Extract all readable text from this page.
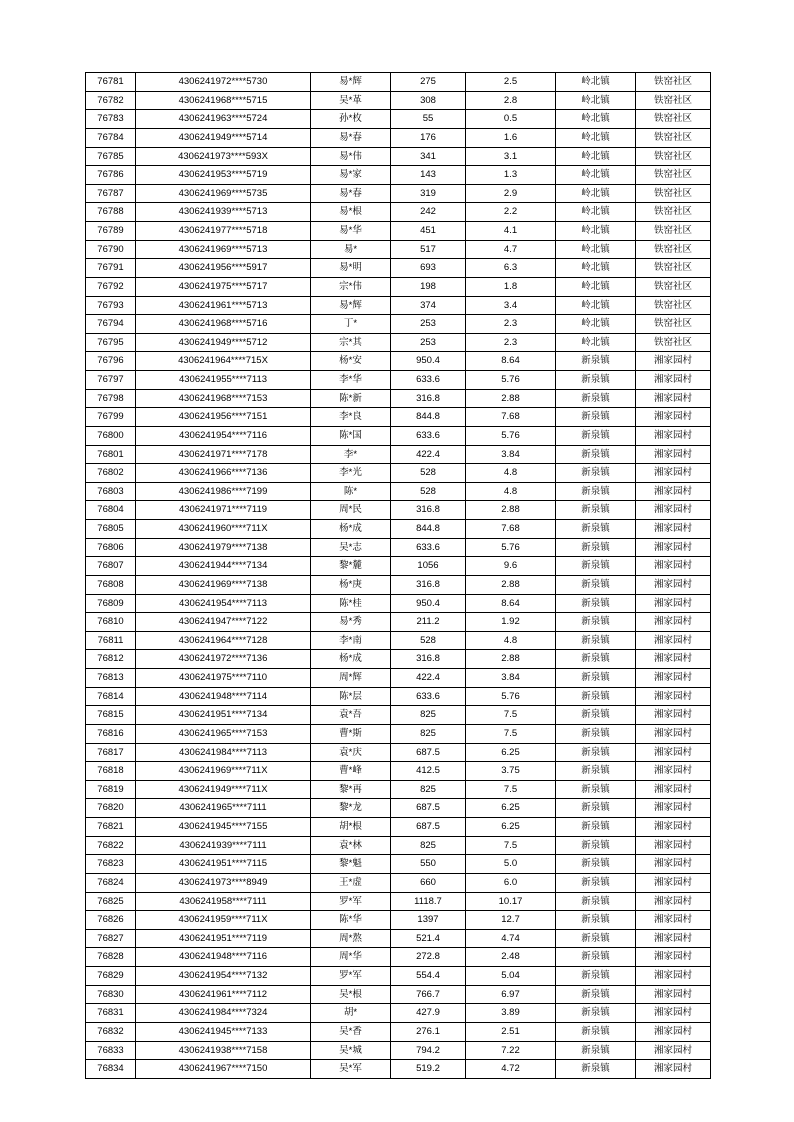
76781	4306241972****5730	易*辉	275	2.5	岭北镇	铁窑社区
76782	4306241968****5715	吴*革	308	2.8	岭北镇	铁窑社区
76783	4306241963****5724	孙*枚	55	0.5	岭北镇	铁窑社区
76784	4306241949****5714	易*春	176	1.6	岭北镇	铁窑社区
76785	4306241973****593X	易*伟	341	3.1	岭北镇	铁窑社区
76786	4306241953****5719	易*家	143	1.3	岭北镇	铁窑社区
76787	4306241969****5735	易*春	319	2.9	岭北镇	铁窑社区
76788	4306241939****5713	易*根	242	2.2	岭北镇	铁窑社区
76789	4306241977****5718	易*华	451	4.1	岭北镇	铁窑社区
76790	4306241969****5713	易*	517	4.7	岭北镇	铁窑社区
76791	4306241956****5917	易*明	693	6.3	岭北镇	铁窑社区
76792	4306241975****5717	宗*伟	198	1.8	岭北镇	铁窑社区
76793	4306241961****5713	易*辉	374	3.4	岭北镇	铁窑社区
76794	4306241968****5716	丁*	253	2.3	岭北镇	铁窑社区
76795	4306241949****5712	宗*其	253	2.3	岭北镇	铁窑社区
76796	4306241964****715X	杨*安	950.4	8.64	新泉镇	湘家园村
76797	4306241955****7113	李*华	633.6	5.76	新泉镇	湘家园村
76798	4306241968****7153	陈*新	316.8	2.88	新泉镇	湘家园村
76799	4306241956****7151	李*良	844.8	7.68	新泉镇	湘家园村
76800	4306241954****7116	陈*国	633.6	5.76	新泉镇	湘家园村
76801	4306241971****7178	李*	422.4	3.84	新泉镇	湘家园村
76802	4306241966****7136	李*光	528	4.8	新泉镇	湘家园村
76803	4306241986****7199	陈*	528	4.8	新泉镇	湘家园村
76804	4306241971****7119	周*民	316.8	2.88	新泉镇	湘家园村
76805	4306241960****711X	杨*成	844.8	7.68	新泉镇	湘家园村
76806	4306241979****7138	吴*志	633.6	5.76	新泉镇	湘家园村
76807	4306241944****7134	黎*麓	1056	9.6	新泉镇	湘家园村
76808	4306241969****7138	杨*庚	316.8	2.88	新泉镇	湘家园村
76809	4306241954****7113	陈*桂	950.4	8.64	新泉镇	湘家园村
76810	4306241947****7122	易*秀	211.2	1.92	新泉镇	湘家园村
76811	4306241964****7128	李*南	528	4.8	新泉镇	湘家园村
76812	4306241972****7136	杨*成	316.8	2.88	新泉镇	湘家园村
76813	4306241975****7110	周*辉	422.4	3.84	新泉镇	湘家园村
76814	4306241948****7114	陈*层	633.6	5.76	新泉镇	湘家园村
76815	4306241951****7134	袁*吾	825	7.5	新泉镇	湘家园村
76816	4306241965****7153	曹*斯	825	7.5	新泉镇	湘家园村
76817	4306241984****7113	袁*庆	687.5	6.25	新泉镇	湘家园村
76818	4306241969****711X	曹*峰	412.5	3.75	新泉镇	湘家园村
76819	4306241949****711X	黎*再	825	7.5	新泉镇	湘家园村
76820	4306241965****7111	黎*龙	687.5	6.25	新泉镇	湘家园村
76821	4306241945****7155	胡*根	687.5	6.25	新泉镇	湘家园村
76822	4306241939****7111	袁*林	825	7.5	新泉镇	湘家园村
76823	4306241951****7115	黎*魁	550	5.0	新泉镇	湘家园村
76824	4306241973****8949	王*虚	660	6.0	新泉镇	湘家园村
76825	4306241958****7111	罗*军	1118.7	10.17	新泉镇	湘家园村
76826	4306241959****711X	陈*华	1397	12.7	新泉镇	湘家园村
76827	4306241951****7119	周*熬	521.4	4.74	新泉镇	湘家园村
76828	4306241948****7116	周*华	272.8	2.48	新泉镇	湘家园村
76829	4306241954****7132	罗*军	554.4	5.04	新泉镇	湘家园村
76830	4306241961****7112	吴*根	766.7	6.97	新泉镇	湘家园村
76831	4306241984****7324	胡*	427.9	3.89	新泉镇	湘家园村
76832	4306241945****7133	吴*香	276.1	2.51	新泉镇	湘家园村
76833	4306241938****7158	吴*城	794.2	7.22	新泉镇	湘家园村
76834	4306241967****7150	吴*军	519.2	4.72	新泉镇	湘家园村
